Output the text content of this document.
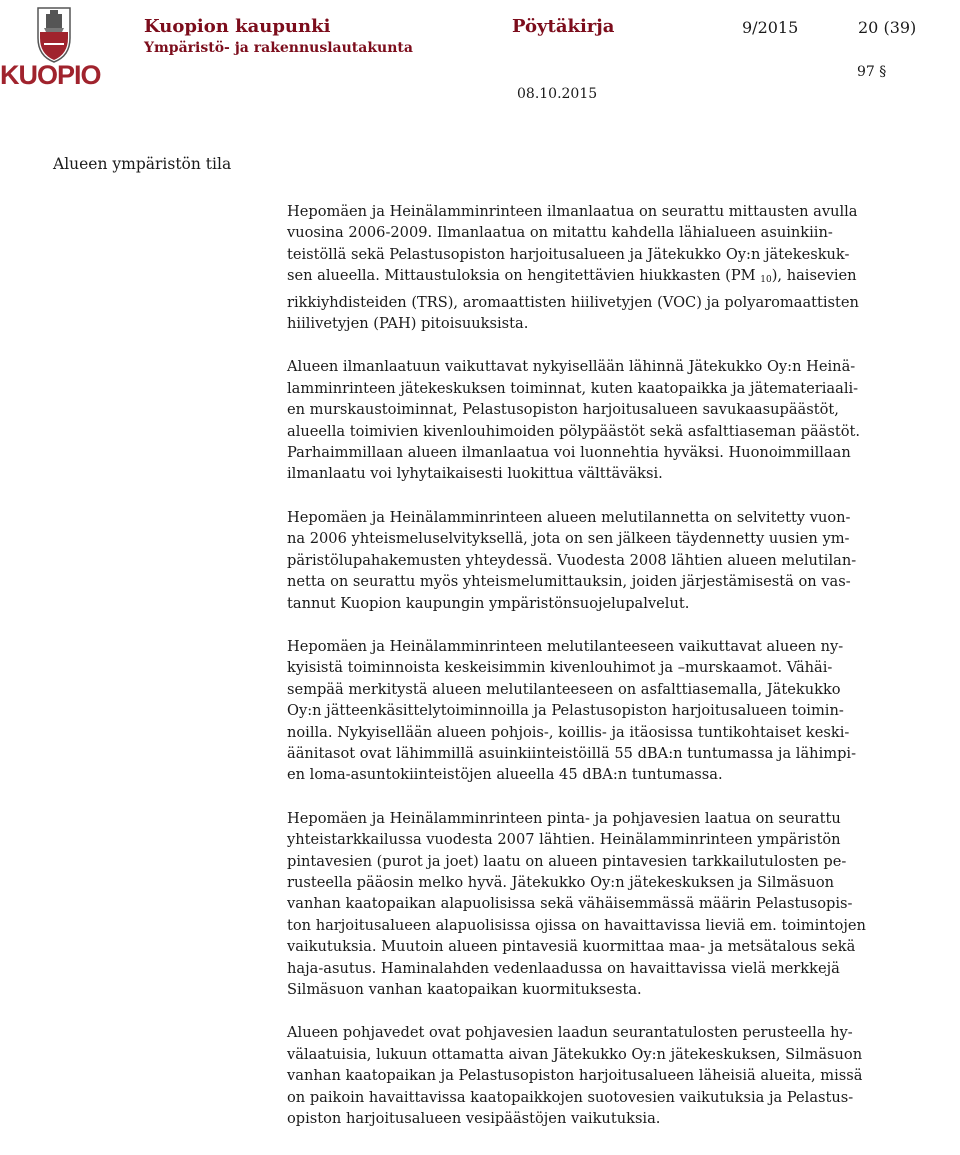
KUOPIO
Kuopion kaupunki
Ympäristö- ja rakennuslautakunta
Pöytäkirja	9/2015	20 (39)
97 §
08.10.2015
Alueen ympäristön tila

Hepomäen ja Heinälamminrinteen ilmanlaatua on seurattu mittausten avulla
vuosina 2006-2009. Ilmanlaatua on mitattu kahdella lähialueen asuinkiin-
teistöllä sekä Pelastusopiston harjoitusalueen ja Jätekukko Oy:n jätekeskuk-
sen alueella. Mittaustuloksia on hengitettävien hiukkasten (PM $_{10}$), haisevien
rikkiyhdisteiden (TRS), aromaattisten hiilivetyjen (VOC) ja polyaromaattisten
hiilivetyjen (PAH) pitoisuuksista.

Alueen ilmanlaatuun vaikuttavat nykyisellään lähinnä Jätekukko Oy:n Heinä-
lamminrinteen jätekeskuksen toiminnat, kuten kaatopaikka ja jätemateriaali-
en murskaustoiminnat, Pelastusopiston harjoitusalueen savukaasupäästöt,
alueella toimivien kivenlouhimoiden pölypäästöt sekä asfalttiaseman päästöt.
Parhaimmillaan alueen ilmanlaatua voi luonnehtia hyväksi. Huonoimmillaan
ilmanlaatu voi lyhytaikaisesti luokittua välttäväksi.

Hepomäen ja Heinälamminrinteen alueen melutilannetta on selvitetty vuon-
na 2006 yhteismeluselvityksellä, jota on sen jälkeen täydennetty uusien ym-
päristölupahakemusten yhteydessä. Vuodesta 2008 lähtien alueen melutilan-
netta on seurattu myös yhteismelumittauksin, joiden järjestämisestä on vas-
tannut Kuopion kaupungin ympäristönsuojelupalvelut.

Hepomäen ja Heinälamminrinteen melutilanteeseen vaikuttavat alueen ny-
kyisistä toiminnoista keskeisimmin kivenlouhimot ja –murskaamot. Vähäi-
sempää merkitystä alueen melutilanteeseen on asfalttiasemalla, Jätekukko
Oy:n jätteenkäsittelytoiminnoilla ja Pelastusopiston harjoitusalueen toimin-
noilla. Nykyisellään alueen pohjois-, koillis- ja itäosissa tuntikohtaiset keski-
äänitasot ovat lähimmillä asuinkiinteistöillä 55 dBA:n tuntumassa ja lähimpi-
en loma-asuntokiinteistöjen alueella 45 dBA:n tuntumassa.

Hepomäen ja Heinälamminrinteen pinta- ja pohjavesien laatua on seurattu
yhteistarkkailussa vuodesta 2007 lähtien. Heinälamminrinteen ympäristön
pintavesien (purot ja joet) laatu on alueen pintavesien tarkkailutulosten pe-
rusteella pääosin melko hyvä. Jätekukko Oy:n jätekeskuksen ja Silmäsuon
vanhan kaatopaikan alapuolisissa sekä vähäisemmässä määrin Pelastusopis-
ton harjoitusalueen alapuolisissa ojissa on havaittavissa lieviä em. toimintojen
vaikutuksia. Muutoin alueen pintavesiä kuormittaa maa- ja metsätalous sekä
haja-asutus. Haminalahden vedenlaadussa on havaittavissa vielä merkkejä
Silmäsuon vanhan kaatopaikan kuormituksesta.

Alueen pohjavedet ovat pohjavesien laadun seurantatulosten perusteella hy-
välaatuisia, lukuun ottamatta aivan Jätekukko Oy:n jätekeskuksen, Silmäsuon
vanhan kaatopaikan ja Pelastusopiston harjoitusalueen läheisiä alueita, missä
on paikoin havaittavissa kaatopaikkojen suotovesien vaikutuksia ja Pelastus-
opiston harjoitusalueen vesipäästöjen vaikutuksia.
